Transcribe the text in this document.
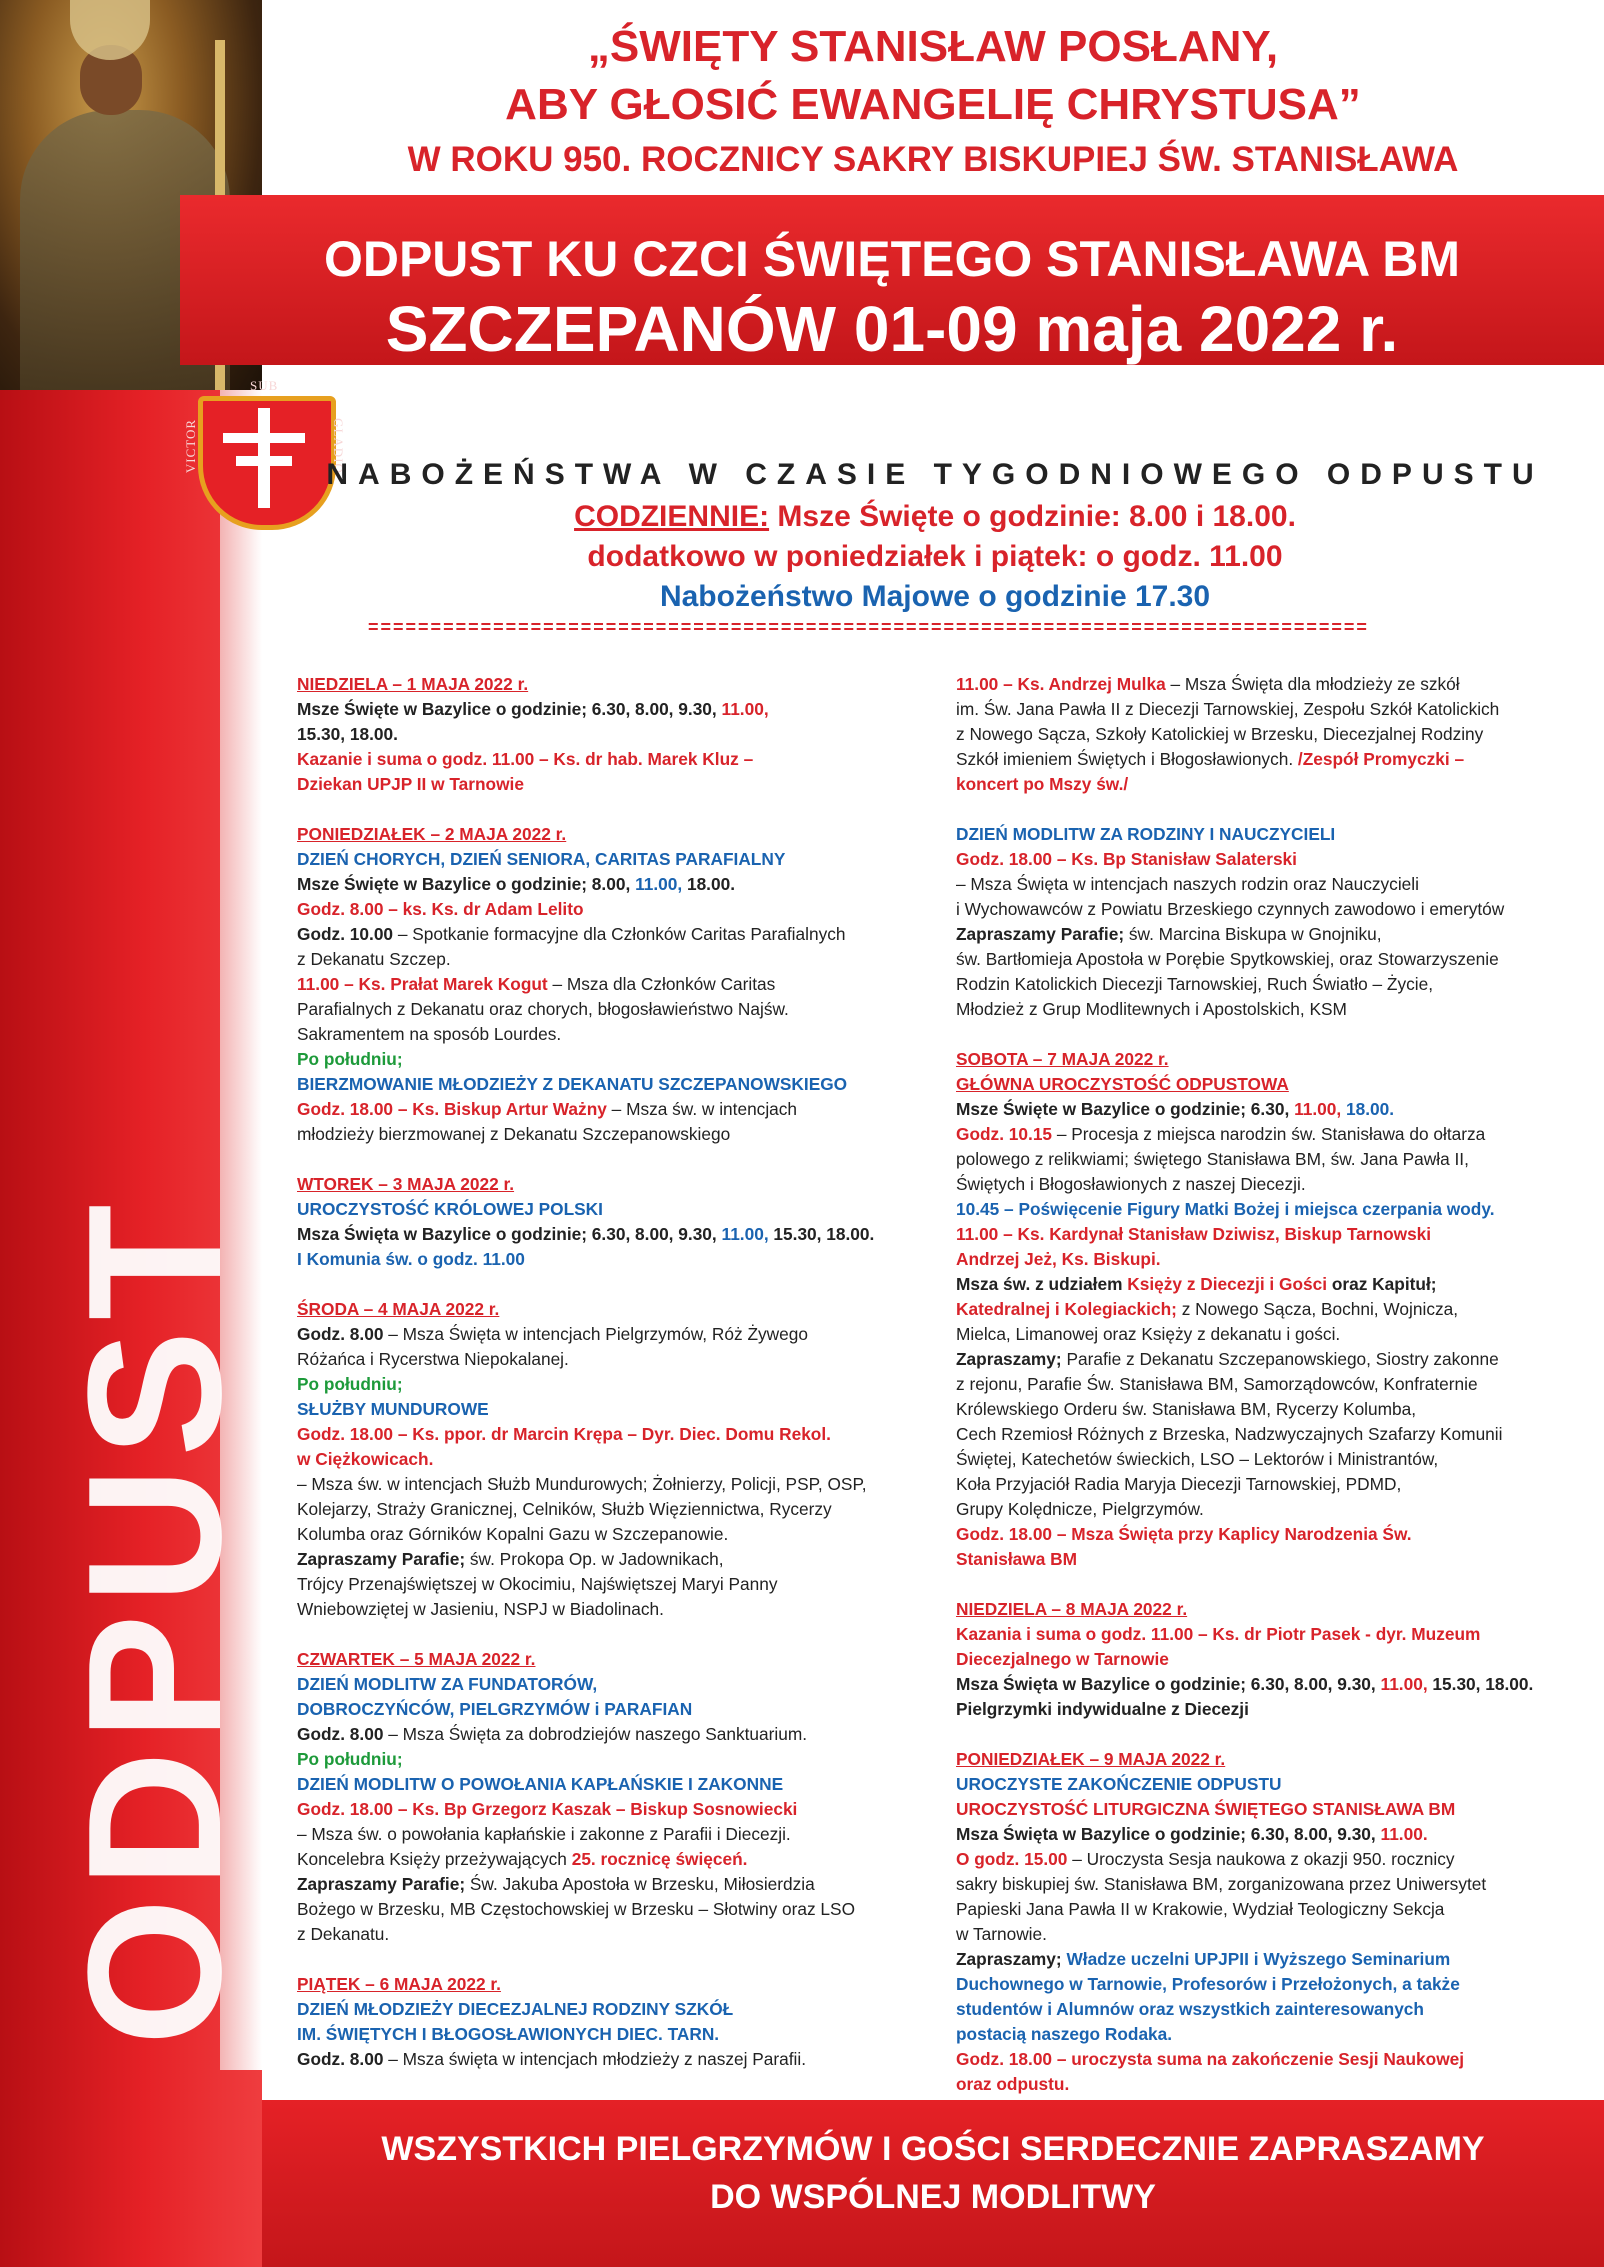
SUB
VICTOR	GLADIO
„ŚWIĘTY STANISŁAW POSŁANY,
ABY GŁOSIĆ EWANGELIĘ CHRYSTUSA”
W ROKU 950. ROCZNICY SAKRY BISKUPIEJ ŚW. STANISŁAWA
ODPUST KU CZCI ŚWIĘTEGO STANISŁAWA BM
SZCZEPANÓW 01-09 maja 2022 r.
ODPUST
NABOŻEŃSTWA W CZASIE TYGODNIOWEGO ODPUSTU
CODZIENNIE: Msze Święte o godzinie: 8.00 i 18.00.
dodatkowo w poniedziałek i piątek: o godz. 11.00
Nabożeństwo Majowe o godzinie 17.30
================================================================================
NIEDZIELA – 1 MAJA 2022 r.
Msze Święte w Bazylice o godzinie; 6.30, 8.00, 9.30, 11.00,
15.30, 18.00.
Kazanie i suma o godz. 11.00 – Ks. dr hab. Marek Kluz –
Dziekan UPJP II w Tarnowie
PONIEDZIAŁEK – 2 MAJA 2022 r.
DZIEŃ CHORYCH, DZIEŃ SENIORA, CARITAS PARAFIALNY
Msze Święte w Bazylice o godzinie; 8.00, 11.00, 18.00.
Godz. 8.00 – ks. Ks. dr Adam Lelito
Godz. 10.00 – Spotkanie formacyjne dla Członków Caritas Parafialnych
z Dekanatu Szczep.
11.00 – Ks. Prałat Marek Kogut – Msza dla Członków Caritas
Parafialnych z Dekanatu oraz chorych, błogosławieństwo Najśw.
Sakramentem na sposób Lourdes.
Po południu;
BIERZMOWANIE MŁODZIEŻY Z DEKANATU SZCZEPANOWSKIEGO
Godz. 18.00 – Ks. Biskup Artur Ważny – Msza św. w intencjach
młodzieży bierzmowanej z Dekanatu Szczepanowskiego
WTOREK – 3 MAJA 2022 r.
UROCZYSTOŚĆ KRÓLOWEJ POLSKI
Msza Święta w Bazylice o godzinie; 6.30, 8.00, 9.30, 11.00, 15.30, 18.00.
I Komunia św. o godz. 11.00
ŚRODA – 4 MAJA 2022 r.
Godz. 8.00 – Msza Święta w intencjach Pielgrzymów, Róż Żywego
Różańca i Rycerstwa Niepokalanej.
Po południu;
SŁUŻBY MUNDUROWE
Godz. 18.00 – Ks. ppor. dr Marcin Krępa – Dyr. Diec. Domu Rekol.
w Ciężkowicach.
– Msza św. w intencjach Służb Mundurowych; Żołnierzy, Policji, PSP, OSP,
Kolejarzy, Straży Granicznej, Celników, Służb Więziennictwa, Rycerzy
Kolumba oraz Górników Kopalni Gazu w Szczepanowie.
Zapraszamy Parafie; św. Prokopa Op. w Jadownikach,
Trójcy Przenajświętszej w Okocimiu, Najświętszej Maryi Panny
Wniebowziętej w Jasieniu, NSPJ w Biadolinach.
CZWARTEK – 5 MAJA 2022 r.
DZIEŃ MODLITW ZA FUNDATORÓW,
DOBROCZYŃCÓW, PIELGRZYMÓW i PARAFIAN
Godz. 8.00 – Msza Święta za dobrodziejów naszego Sanktuarium.
Po południu;
DZIEŃ MODLITW O POWOŁANIA KAPŁAŃSKIE I ZAKONNE
Godz. 18.00 – Ks. Bp Grzegorz Kaszak – Biskup Sosnowiecki
– Msza św. o powołania kapłańskie i zakonne z Parafii i Diecezji.
Koncelebra Księży przeżywających 25. rocznicę święceń.
Zapraszamy Parafie; Św. Jakuba Apostoła w Brzesku, Miłosierdzia
Bożego w Brzesku, MB Częstochowskiej w Brzesku – Słotwiny oraz LSO
z Dekanatu.
PIĄTEK – 6 MAJA 2022 r.
DZIEŃ MŁODZIEŻY DIECEZJALNEJ RODZINY SZKÓŁ
IM. ŚWIĘTYCH I BŁOGOSŁAWIONYCH DIEC. TARN.
Godz. 8.00 – Msza święta w intencjach młodzieży z naszej Parafii.
11.00 – Ks. Andrzej Mulka – Msza Święta dla młodzieży ze szkół
im. Św. Jana Pawła II z Diecezji Tarnowskiej, Zespołu Szkół Katolickich
z Nowego Sącza, Szkoły Katolickiej w Brzesku, Diecezjalnej Rodziny
Szkół imieniem Świętych i Błogosławionych. /Zespół Promyczki –
koncert po Mszy św./
DZIEŃ MODLITW ZA RODZINY I NAUCZYCIELI
Godz. 18.00 – Ks. Bp Stanisław Salaterski
– Msza Święta w intencjach naszych rodzin oraz Nauczycieli
i Wychowawców z Powiatu Brzeskiego czynnych zawodowo i emerytów
Zapraszamy Parafie; św. Marcina Biskupa w Gnojniku,
św. Bartłomieja Apostoła w Porębie Spytkowskiej, oraz Stowarzyszenie
Rodzin Katolickich Diecezji Tarnowskiej, Ruch Światło – Życie,
Młodzież z Grup Modlitewnych i Apostolskich, KSM
SOBOTA – 7 MAJA 2022 r.
GŁÓWNA UROCZYSTOŚĆ ODPUSTOWA
Msze Święte w Bazylice o godzinie; 6.30, 11.00, 18.00.
Godz. 10.15 – Procesja z miejsca narodzin św. Stanisława do ołtarza
polowego z relikwiami; świętego Stanisława BM, św. Jana Pawła II,
Świętych i Błogosławionych z naszej Diecezji.
10.45 – Poświęcenie Figury Matki Bożej i miejsca czerpania wody.
11.00 – Ks. Kardynał Stanisław Dziwisz, Biskup Tarnowski
Andrzej Jeż, Ks. Biskupi.
Msza św. z udziałem Księży z Diecezji i Gości oraz Kapituł;
Katedralnej i Kolegiackich; z Nowego Sącza, Bochni, Wojnicza,
Mielca, Limanowej oraz Księży z dekanatu i gości.
Zapraszamy; Parafie z Dekanatu Szczepanowskiego, Siostry zakonne
z rejonu, Parafie Św. Stanisława BM, Samorządowców, Konfraternie
Królewskiego Orderu św. Stanisława BM, Rycerzy Kolumba,
Cech Rzemiosł Różnych z Brzeska, Nadzwyczajnych Szafarzy Komunii
Świętej, Katechetów świeckich, LSO – Lektorów i Ministrantów,
Koła Przyjaciół Radia Maryja Diecezji Tarnowskiej, PDMD,
Grupy Kolędnicze, Pielgrzymów.
Godz. 18.00 – Msza Święta przy Kaplicy Narodzenia Św.
Stanisława BM
NIEDZIELA – 8 MAJA 2022 r.
Kazania i suma o godz. 11.00 – Ks. dr Piotr Pasek - dyr. Muzeum
Diecezjalnego w Tarnowie
Msza Święta w Bazylice o godzinie; 6.30, 8.00, 9.30, 11.00, 15.30, 18.00.
Pielgrzymki indywidualne z Diecezji
PONIEDZIAŁEK – 9 MAJA 2022 r.
UROCZYSTE ZAKOŃCZENIE ODPUSTU
UROCZYSTOŚĆ LITURGICZNA ŚWIĘTEGO STANISŁAWA BM
Msza Święta w Bazylice o godzinie; 6.30, 8.00, 9.30, 11.00.
O godz. 15.00 – Uroczysta Sesja naukowa z okazji 950. rocznicy
sakry biskupiej św. Stanisława BM, zorganizowana przez Uniwersytet
Papieski Jana Pawła II w Krakowie, Wydział Teologiczny Sekcja
w Tarnowie.
Zapraszamy; Władze uczelni UPJPII i Wyższego Seminarium
Duchownego w Tarnowie, Profesorów i Przełożonych, a także
studentów i Alumnów oraz wszystkich zainteresowanych
postacią naszego Rodaka.
Godz. 18.00 – uroczysta suma na zakończenie Sesji Naukowej
oraz odpustu.
WSZYSTKICH PIELGRZYMÓW I GOŚCI SERDECZNIE ZAPRASZAMY
DO WSPÓLNEJ MODLITWY
